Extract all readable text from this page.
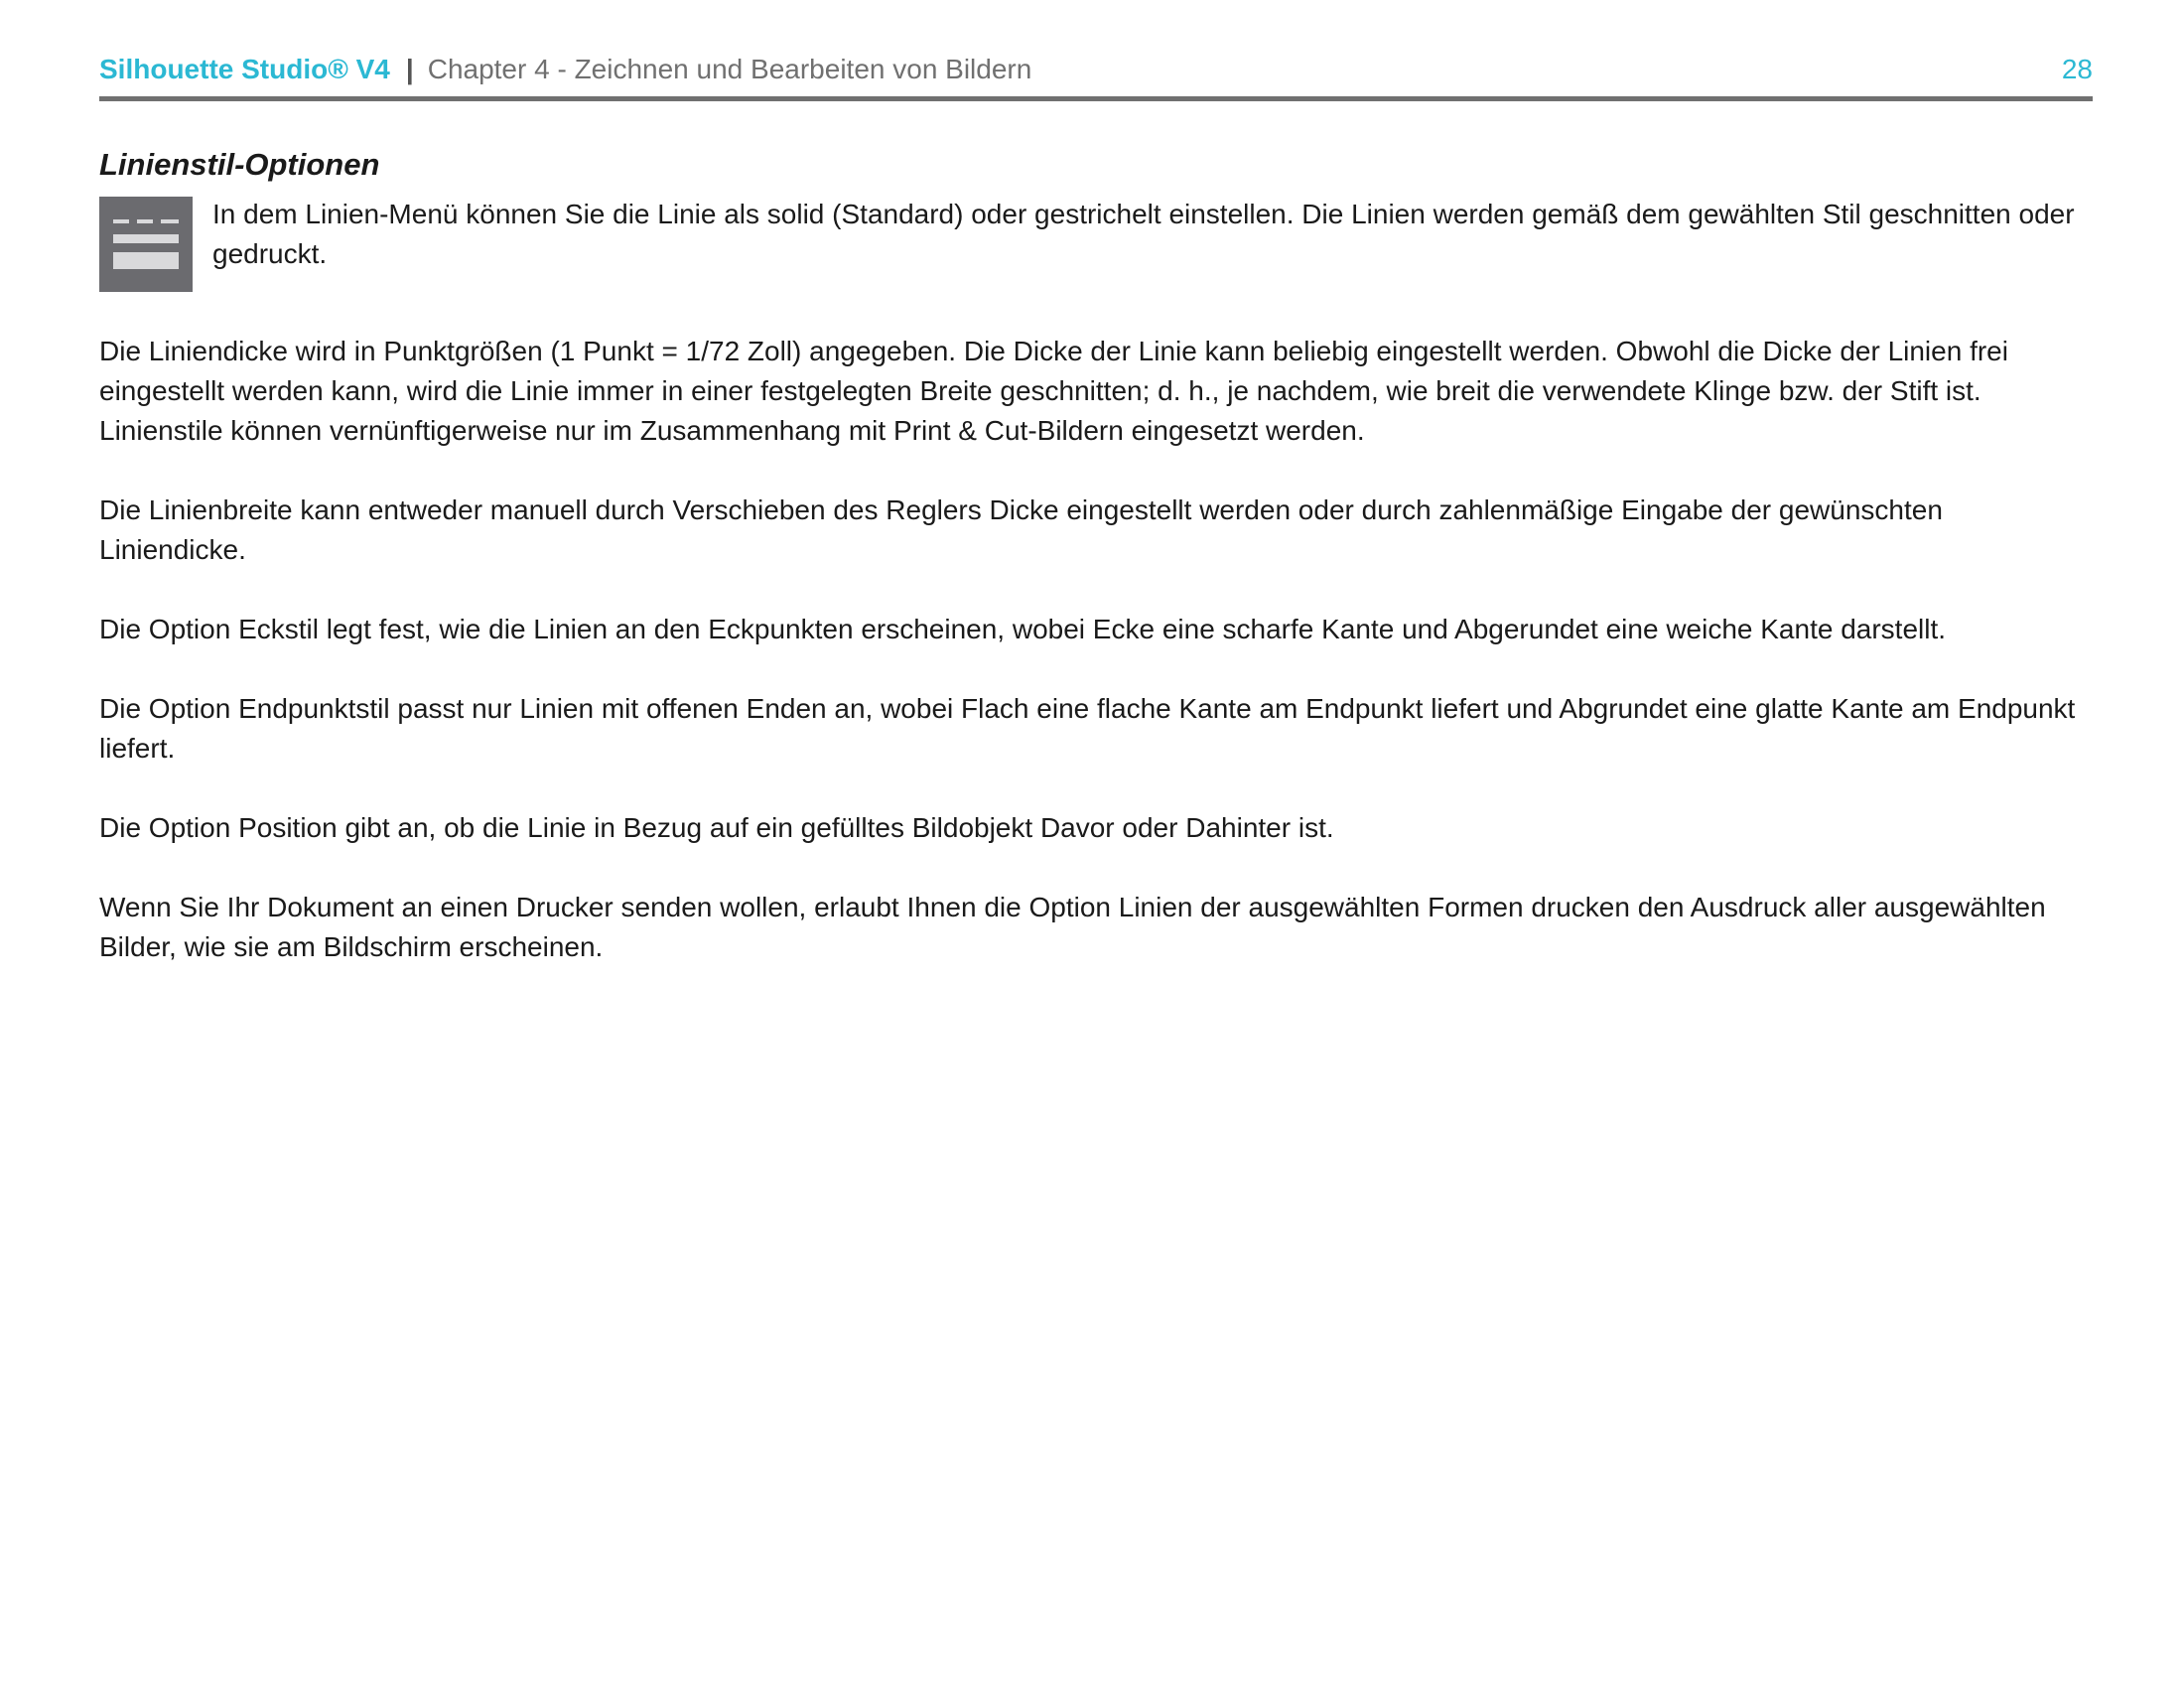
Silhouette Studio® V4 | Chapter 4 - Zeichnen und Bearbeiten von Bildern	28
Linienstil-Optionen
In dem Linien-Menü können Sie die Linie als solid (Standard) oder gestrichelt einstellen. Die Linien werden gemäß dem gewählten Stil geschnitten oder gedruckt.

Die Liniendicke wird in Punktgrößen (1 Punkt = 1/72 Zoll) angegeben. Die Dicke der Linie kann beliebig eingestellt werden. Obwohl die Dicke der Linien frei eingestellt werden kann, wird die Linie immer in einer festgelegten Breite geschnitten; d. h., je nachdem, wie breit die verwendete Klinge bzw. der Stift ist. Linienstile können vernünftigerweise nur im Zusammenhang mit Print & Cut-Bildern eingesetzt werden.

Die Linienbreite kann entweder manuell durch Verschieben des Reglers Dicke eingestellt werden oder durch zahlenmäßige Eingabe der gewünschten Liniendicke.

Die Option Eckstil legt fest, wie die Linien an den Eckpunkten erscheinen, wobei Ecke eine scharfe Kante und Abgerundet eine weiche Kante darstellt.

Die Option Endpunktstil passt nur Linien mit offenen Enden an, wobei Flach eine flache Kante am Endpunkt liefert und Abgrundet eine glatte Kante am Endpunkt liefert.

Die Option Position gibt an, ob die Linie in Bezug auf ein gefülltes Bildobjekt Davor oder Dahinter ist.

Wenn Sie Ihr Dokument an einen Drucker senden wollen, erlaubt Ihnen die Option Linien der ausgewählten Formen drucken den Ausdruck aller ausgewählten Bilder, wie sie am Bildschirm erscheinen.
